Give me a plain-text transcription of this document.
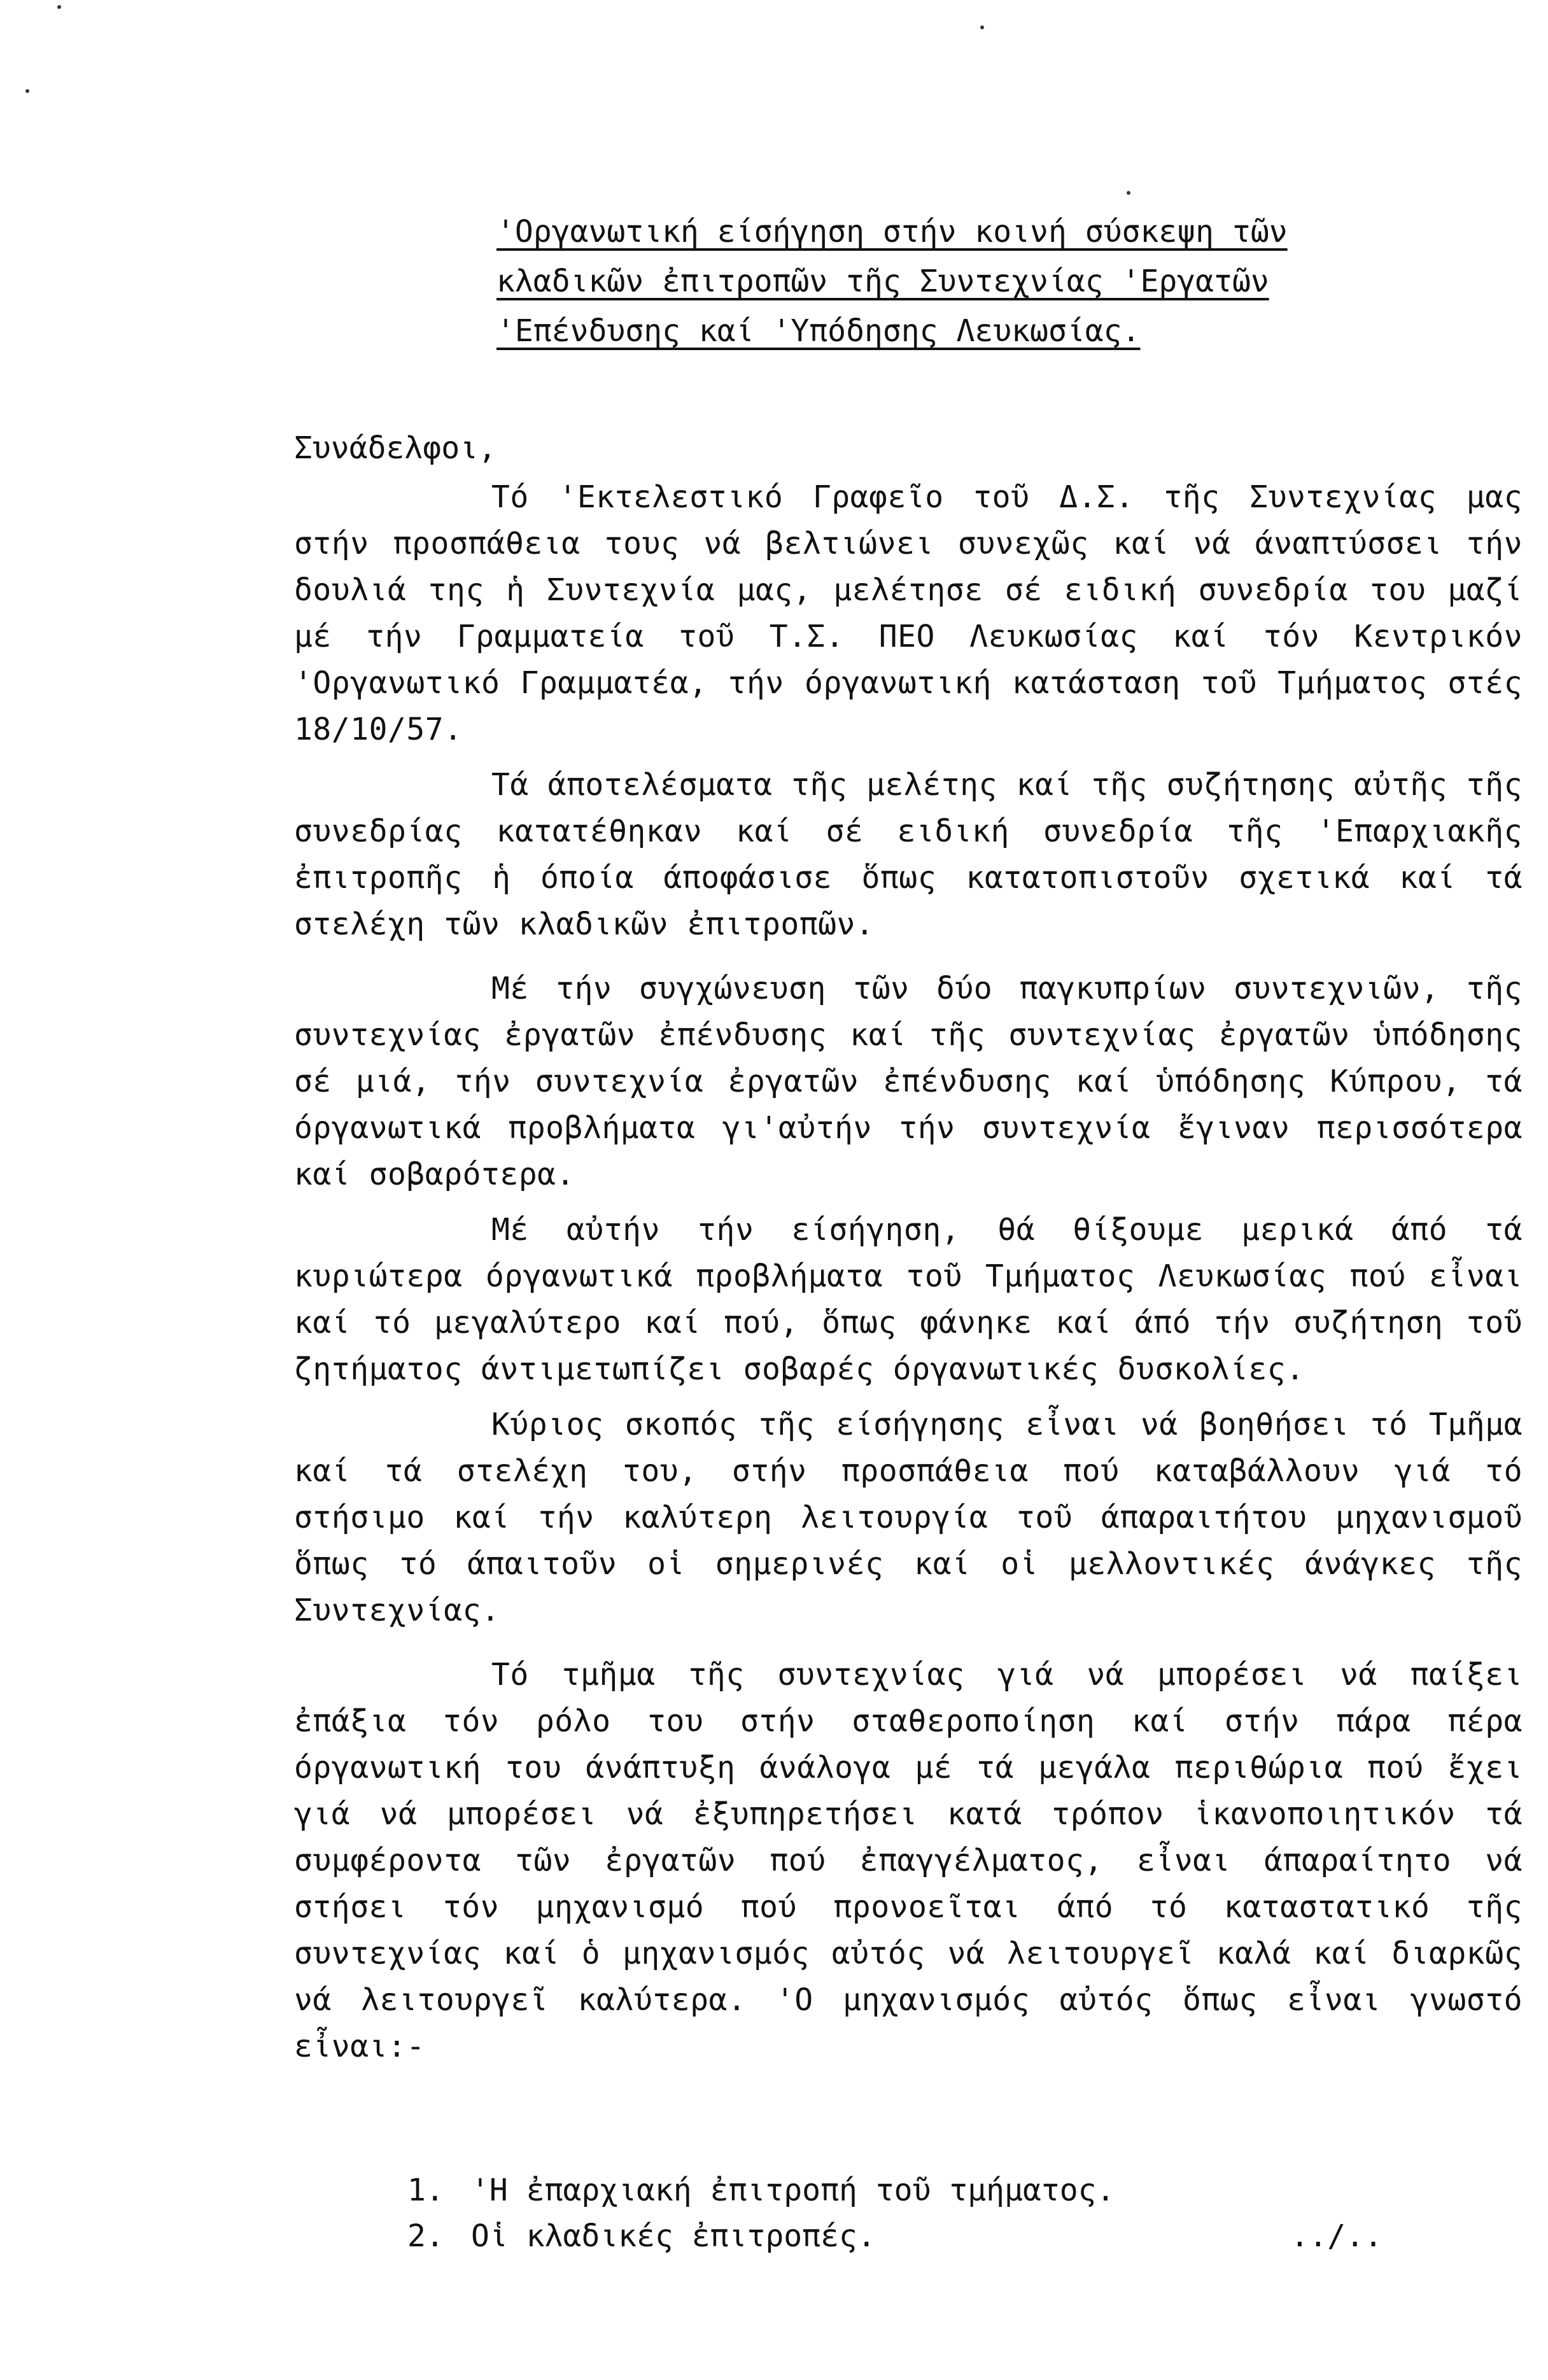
'Οργανωτική είσήγηση στήν κοινή σύσκεψη τῶν
κλαδικῶν ἐπιτροπῶν τῆς Συντεχνίας 'Εργατῶν
'Επένδυσης καί 'Υπόδησης Λευκωσίας.
Συνάδελφοι,

Τό 'Εκτελεστικό Γραφεῖο τοῦ Δ.Σ. τῆς Συντεχνίας μας στήν προσπάθεια τους νά βελτιώνει συνεχῶς καί νά άναπτύσσει τήν δουλιά της ἡ Συντεχνία μας, μελέτησε σέ ειδική συνεδρία του μαζί μέ τήν Γραμματεία τοῦ Τ.Σ. ΠΕΟ Λευκωσίας καί τόν Κεντρικόν 'Οργανωτικό Γραμματέα, τήν όργανωτική κατάσταση τοῦ Τμήματος στές 18/10/57.

Τά άποτελέσματα τῆς μελέτης καί τῆς συζήτησης αὐτῆς τῆς συνεδρίας κατατέθηκαν καί σέ ειδική συνεδρία τῆς 'Επαρχιακῆς ἐπιτροπῆς ἡ όποία άποφάσισε ὅπως κατατοπιστοῦν σχετικά καί τά στελέχη τῶν κλαδικῶν ἐπιτροπῶν.

Μέ τήν συγχώνευση τῶν δύο παγκυπρίων συντεχνιῶν, τῆς συντεχνίας ἐργατῶν ἐπένδυσης καί τῆς συντεχνίας ἐργατῶν ὑπόδησης σέ μιά, τήν συντεχνία ἐργατῶν ἐπένδυσης καί ὑπόδησης Κύπρου, τά όργανωτικά προβλήματα γι'αὐτήν τήν συντεχνία ἔγιναν περισσότερα καί σοβαρότερα.

Μέ αὐτήν τήν είσήγηση, θά θίξουμε μερικά άπό τά κυριώτερα όργανωτικά προβλήματα τοῦ Τμήματος Λευκωσίας πού εἶναι καί τό μεγαλύτερο καί πού, ὅπως φάνηκε καί άπό τήν συζήτηση τοῦ ζητήματος άντιμετωπίζει σοβαρές όργανωτικές δυσκολίες.

Κύριος σκοπός τῆς είσήγησης εἶναι νά βοηθήσει τό Τμῆμα καί τά στελέχη του, στήν προσπάθεια πού καταβάλλουν γιά τό στήσιμο καί τήν καλύτερη λειτουργία τοῦ άπαραιτήτου μηχανισμοῦ ὅπως τό άπαιτοῦν οἱ σημερινές καί οἱ μελλοντικές άνάγκες τῆς Συντεχνίας.

Τό τμῆμα τῆς συντεχνίας γιά νά μπορέσει νά παίξει ἐπάξια τόν ρόλο του στήν σταθεροποίηση καί στήν πάρα πέρα όργανωτική του άνάπτυξη άνάλογα μέ τά μεγάλα περιθώρια πού ἔχει γιά νά μπορέσει νά ἐξυπηρετήσει κατά τρόπον ἱκανοποιητικόν τά συμφέροντα τῶν ἐργατῶν πού ἐπαγγέλματος, εἶναι άπαραίτητο νά στήσει τόν μηχανισμό πού προνοεῖται άπό τό καταστατικό τῆς συντεχνίας καί ὁ μηχανισμός αὐτός νά λειτουργεῖ καλά καί διαρκῶς νά λειτουργεῖ καλύτερα. 'Ο μηχανισμός αὐτός ὅπως εἶναι γνωστό εἶναι:-

1. 'Η ἐπαρχιακή ἐπιτροπή τοῦ τμήματος.
2. Οἱ κλαδικές ἐπιτροπές.	../..
